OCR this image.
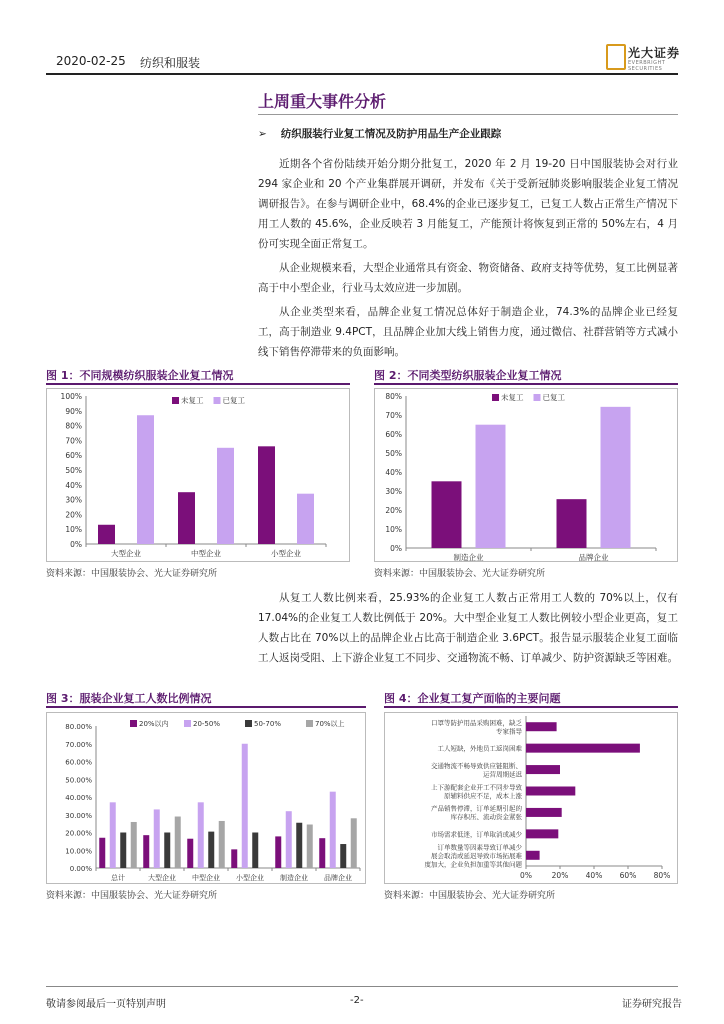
2020-02-25 纺织和服装
光大证券
EVERBRIGHT SECURITIES
上周重大事件分析
➢ 纺织服装行业复工情况及防护用品生产企业跟踪
近期各个省份陆续开始分期分批复工，2020 年 2 月 19-20 日中国服装协会对行业 294 家企业和 20 个产业集群展开调研，并发布《关于受新冠肺炎影响服装企业复工情况调研报告》。在参与调研企业中，68.4%的企业已逐步复工，已复工人数占正常生产情况下用工人数的 45.6%，企业反映若 3 月能复工，产能预计将恢复到正常的 50%左右，4 月份可实现全面正常复工。
从企业规模来看，大型企业通常具有资金、物资储备、政府支持等优势，复工比例显著高于中小型企业，行业马太效应进一步加剧。
从企业类型来看，品牌企业复工情况总体好于制造企业，74.3%的品牌企业已经复工，高于制造业 9.4PCT，且品牌企业加大线上销售力度，通过微信、社群营销等方式减小线下销售停滞带来的负面影响。
图 1：不同规模纺织服装企业复工情况
0%
10%
20%
30%
40%
50%
60%
70%
80%
90%
100%
大型企业	中型企业	小型企业
未复工	已复工
资料来源：中国服装协会、光大证券研究所
图 2：不同类型纺织服装企业复工情况
0%
10%
20%
30%
40%
50%
60%
70%
80%
制造企业	品牌企业
未复工	已复工
资料来源：中国服装协会、光大证券研究所
从复工人数比例来看，25.93%的企业复工人数占正常用工人数的 70%以上，仅有 17.04%的企业复工人数比例低于 20%。大中型企业复工人数比例较小型企业更高，复工人数占比在 70%以上的品牌企业占比高于制造企业 3.6PCT。报告显示服装企业复工面临工人返岗受阻、上下游企业复工不同步、交通物流不畅、订单减少、防护资源缺乏等困难。
图 3：服装企业复工人数比例情况
0.00%
10.00%
20.00%
30.00%
40.00%
50.00%
60.00%
70.00%
80.00%
总计	大型企业 中型企业 小型企业 制造企业 品牌企业
20%以内	20-50%	50-70%	70%以上
资料来源：中国服装协会、光大证券研究所
图 4：企业复工复产面临的主要问题
0%	20% 40% 60% 80%
口罩等防护用品采购困难，缺乏
专家指导
工人短缺，外地员工返岗困难
交通物流不畅导致供应链阻断、
运营周期延迟
上下游配套企业开工不同步导致
原辅料供应不足，成本上涨
产品销售停滞，订单延期引起的
库存积压、流动资金紧张
市场需求低迷，订单取消或减少
订单数量等因素导致订单减少
展会取消或延迟导致市场拓展难
度加大，企业负担加重等其他问题
资料来源：中国服装协会、光大证券研究所
敬请参阅最后一页特别声明	-2-	证券研究报告
